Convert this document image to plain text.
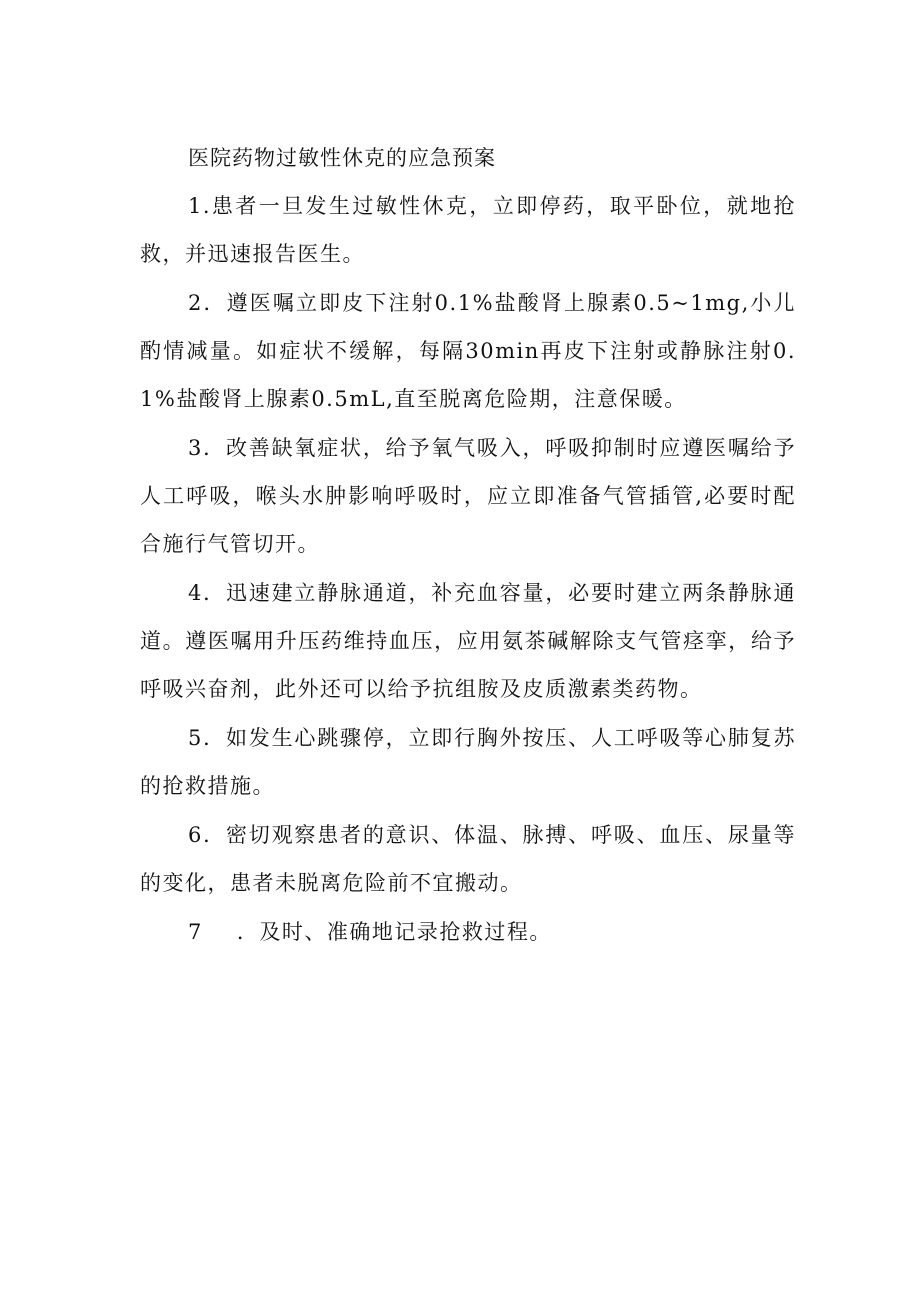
医院药物过敏性休克的应急预案

1.患者一旦发生过敏性休克，立即停药，取平卧位，就地抢救，并迅速报告医生。

2．遵医嘱立即皮下注射0.1%盐酸肾上腺素0.5~1mg,小儿酌情减量。如症状不缓解，每隔30min再皮下注射或静脉注射0.1%盐酸肾上腺素0.5mL,直至脱离危险期，注意保暖。

3．改善缺氧症状，给予氧气吸入，呼吸抑制时应遵医嘱给予人工呼吸，喉头水肿影响呼吸时，应立即准备气管插管,必要时配合施行气管切开。

4．迅速建立静脉通道，补充血容量，必要时建立两条静脉通道。遵医嘱用升压药维持血压，应用氨茶碱解除支气管痉挛，给予呼吸兴奋剂，此外还可以给予抗组胺及皮质激素类药物。

5．如发生心跳骤停，立即行胸外按压、人工呼吸等心肺复苏的抢救措施。

6．密切观察患者的意识、体温、脉搏、呼吸、血压、尿量等的变化，患者未脱离危险前不宜搬动。

7 ．及时、准确地记录抢救过程。
